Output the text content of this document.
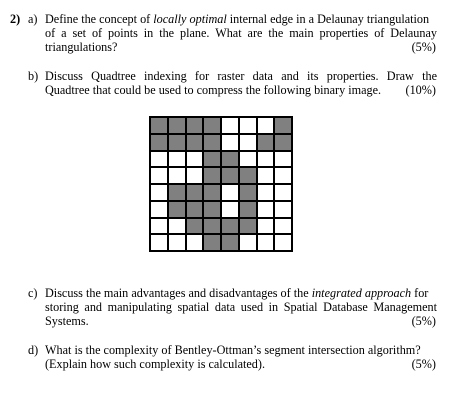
2) a) Define the concept of locally optimal internal edge in a Delaunay triangulation
of a set of points in the plane. What are the main properties of Delaunay
triangulations?	(5%)
b) Discuss Quadtree indexing for raster data and its properties. Draw the
Quadtree that could be used to compress the following binary image. (10%)
c) Discuss the main advantages and disadvantages of the integrated approach for
storing and manipulating spatial data used in Spatial Database Management
Systems.	(5%)
d) What is the complexity of Bentley-Ottman’s segment intersection algorithm?
(Explain how such complexity is calculated).	(5%)
